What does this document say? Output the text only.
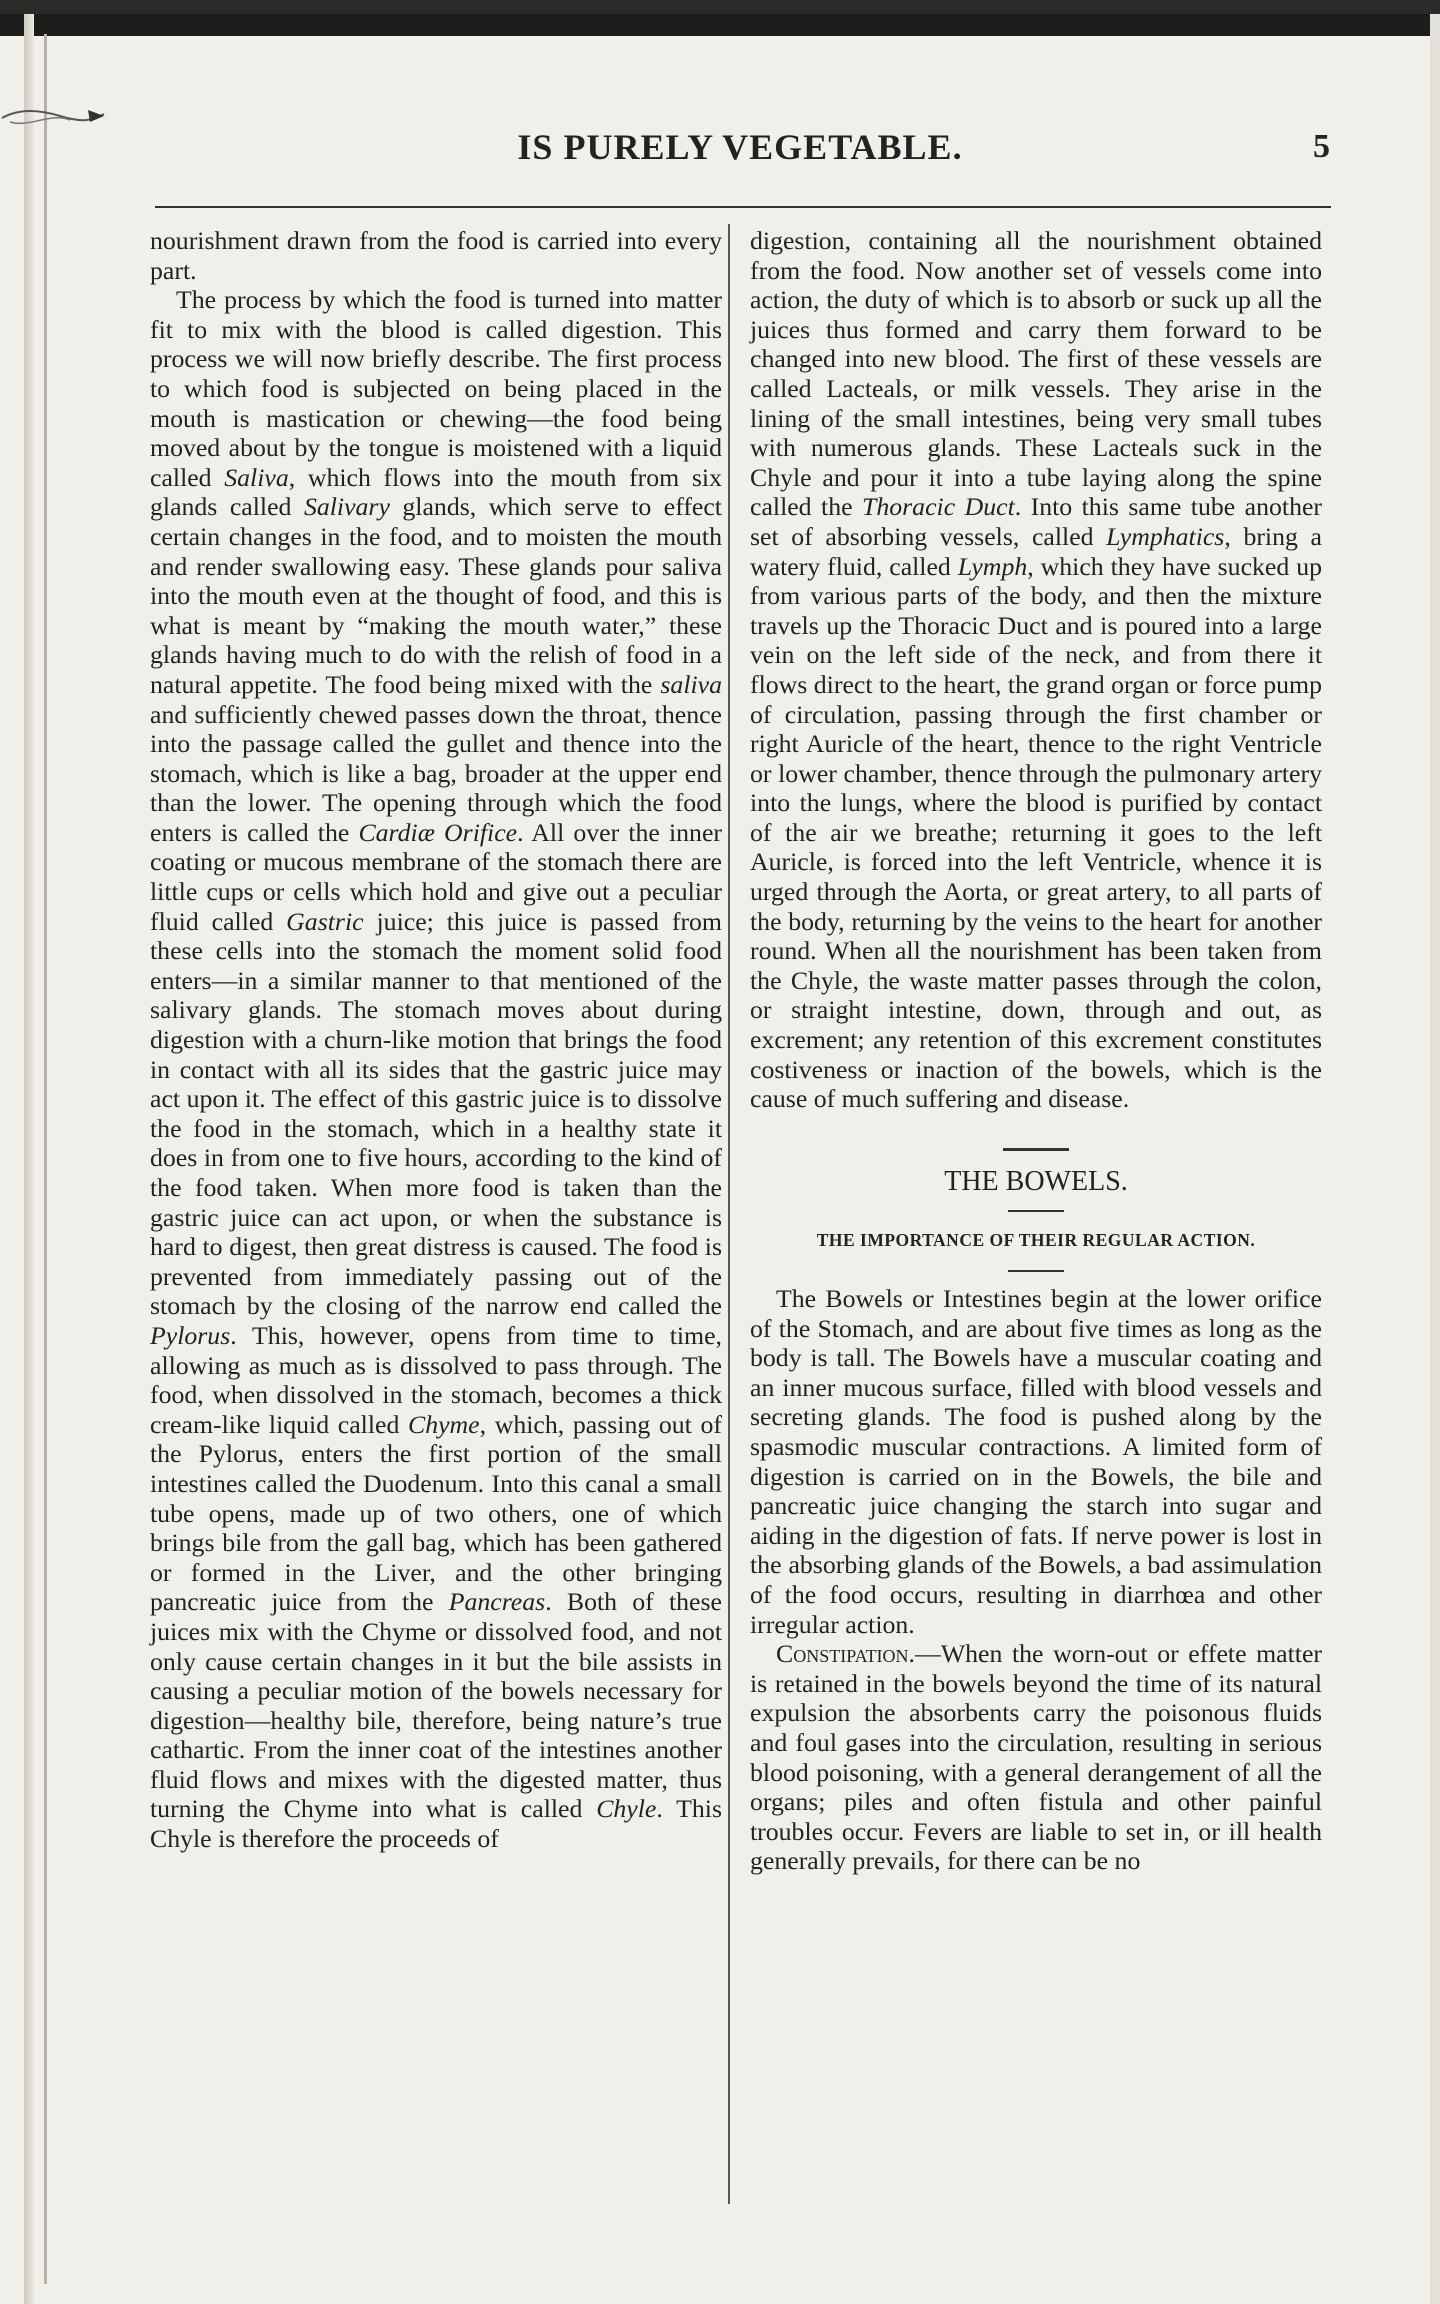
IS PURELY VEGETABLE.	5

nourishment drawn from the food is carried into every part.

The process by which the food is turned into matter fit to mix with the blood is called digestion. This process we will now briefly describe. The first process to which food is subjected on being placed in the mouth is mastication or chewing—the food being moved about by the tongue is moistened with a liquid called Saliva, which flows into the mouth from six glands called Salivary glands, which serve to effect certain changes in the food, and to moisten the mouth and render swallowing easy. These glands pour saliva into the mouth even at the thought of food, and this is what is meant by “making the mouth water,” these glands having much to do with the relish of food in a natural appetite. The food being mixed with the saliva and sufficiently chewed passes down the throat, thence into the passage called the gullet and thence into the stomach, which is like a bag, broader at the upper end than the lower. The opening through which the food enters is called the Cardiæ Orifice. All over the inner coating or mucous membrane of the stomach there are little cups or cells which hold and give out a peculiar fluid called Gastric juice; this juice is passed from these cells into the stomach the moment solid food enters—in a similar manner to that mentioned of the salivary glands. The stomach moves about during digestion with a churn-like motion that brings the food in contact with all its sides that the gastric juice may act upon it. The effect of this gastric juice is to dissolve the food in the stomach, which in a healthy state it does in from one to five hours, according to the kind of the food taken. When more food is taken than the gastric juice can act upon, or when the substance is hard to digest, then great distress is caused. The food is prevented from immediately passing out of the stomach by the closing of the narrow end called the Pylorus. This, however, opens from time to time, allowing as much as is dissolved to pass through. The food, when dissolved in the stomach, becomes a thick cream-like liquid called Chyme, which, passing out of the Pylorus, enters the first portion of the small intestines called the Duodenum. Into this canal a small tube opens, made up of two others, one of which brings bile from the gall bag, which has been gathered or formed in the Liver, and the other bringing pancreatic juice from the Pancreas. Both of these juices mix with the Chyme or dissolved food, and not only cause certain changes in it but the bile assists in causing a peculiar motion of the bowels necessary for digestion—healthy bile, therefore, being nature’s true cathartic. From the inner coat of the intestines another fluid flows and mixes with the digested matter, thus turning the Chyme into what is called Chyle. This Chyle is therefore the proceeds of

digestion, containing all the nourishment obtained from the food. Now another set of vessels come into action, the duty of which is to absorb or suck up all the juices thus formed and carry them forward to be changed into new blood. The first of these vessels are called Lacteals, or milk vessels. They arise in the lining of the small intestines, being very small tubes with numerous glands. These Lacteals suck in the Chyle and pour it into a tube laying along the spine called the Thoracic Duct. Into this same tube another set of absorbing vessels, called Lymphatics, bring a watery fluid, called Lymph, which they have sucked up from various parts of the body, and then the mixture travels up the Thoracic Duct and is poured into a large vein on the left side of the neck, and from there it flows direct to the heart, the grand organ or force pump of circulation, passing through the first chamber or right Auricle of the heart, thence to the right Ventricle or lower chamber, thence through the pulmonary artery into the lungs, where the blood is purified by contact of the air we breathe; returning it goes to the left Auricle, is forced into the left Ventricle, whence it is urged through the Aorta, or great artery, to all parts of the body, returning by the veins to the heart for another round. When all the nourishment has been taken from the Chyle, the waste matter passes through the colon, or straight intestine, down, through and out, as excrement; any retention of this excrement constitutes costiveness or inaction of the bowels, which is the cause of much suffering and disease.

THE BOWELS.
THE IMPORTANCE OF THEIR REGULAR ACTION.

The Bowels or Intestines begin at the lower orifice of the Stomach, and are about five times as long as the body is tall. The Bowels have a muscular coating and an inner mucous surface, filled with blood vessels and secreting glands. The food is pushed along by the spasmodic muscular contractions. A limited form of digestion is carried on in the Bowels, the bile and pancreatic juice changing the starch into sugar and aiding in the digestion of fats. If nerve power is lost in the absorbing glands of the Bowels, a bad assimulation of the food occurs, resulting in diarrhœa and other irregular action.

Constipation.—When the worn-out or effete matter is retained in the bowels beyond the time of its natural expulsion the absorbents carry the poisonous fluids and foul gases into the circulation, resulting in serious blood poisoning, with a general derangement of all the organs; piles and often fistula and other painful troubles occur. Fevers are liable to set in, or ill health generally prevails, for there can be no
